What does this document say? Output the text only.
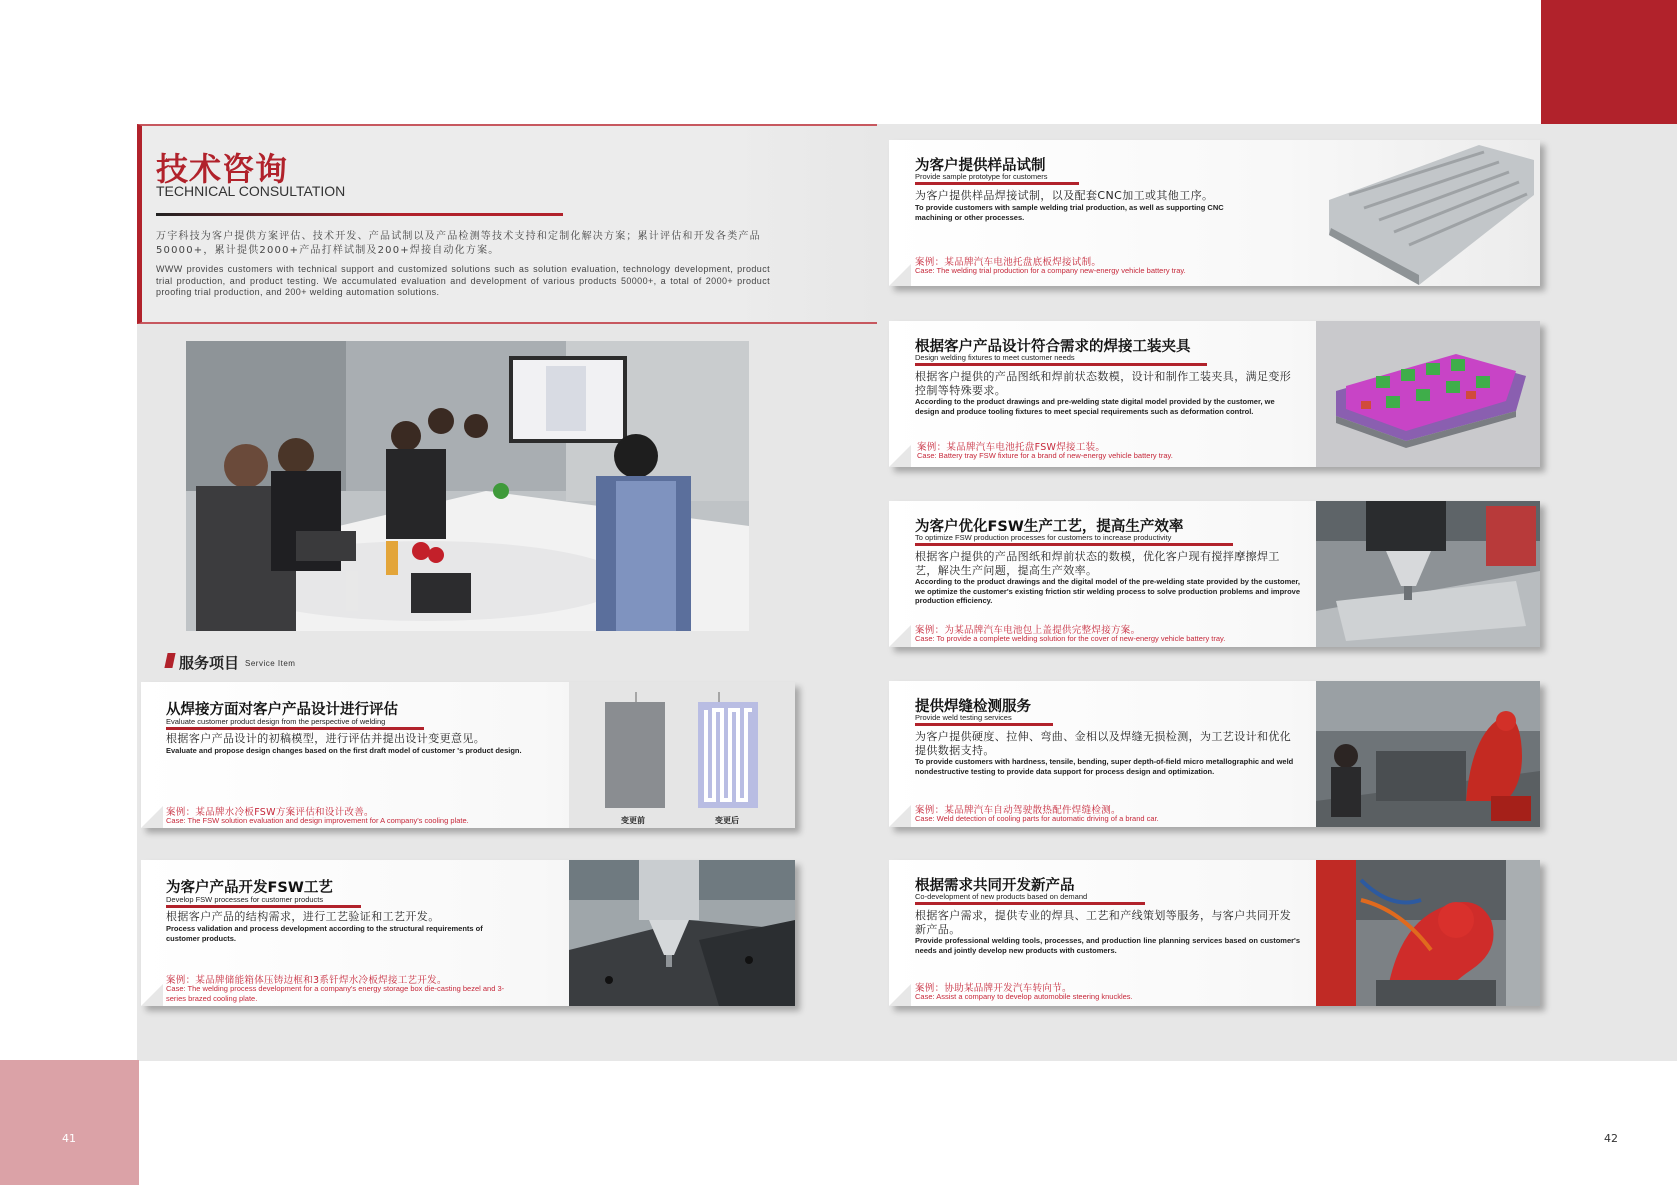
41	42
技术咨询
TECHNICAL CONSULTATION
万宇科技为客户提供方案评估、技术开发、产品试制以及产品检测等技术支持和定制化解决方案；累计评估和开发各类产品50000+，累计提供2000+产品打样试制及200+焊接自动化方案。
WWW provides customers with technical support and customized solutions such as solution evaluation, technology development, product trial production, and product testing. We accumulated evaluation and development of various products 50000+, a total of 2000+ product proofing trial production, and 200+ welding automation solutions.
服务项目 Service Item
从焊接方面对客户产品设计进行评估
Evaluate customer product design from the perspective of welding
根据客户产品设计的初稿模型，进行评估并提出设计变更意见。
Evaluate and propose design changes based on the first draft model of customer 's product design.
案例：某品牌水冷板FSW方案评估和设计改善。
Case: The FSW solution evaluation and design improvement for A company's cooling plate.	变更前	变更后
为客户产品开发FSW工艺
Develop FSW processes for customer products
根据客户产品的结构需求，进行工艺验证和工艺开发。
Process validation and process development according to the structural requirements of customer products.
案例：某品牌储能箱体压铸边框和3系钎焊水冷板焊接工艺开发。
Case: The welding process development for a company's energy storage box die-casting bezel and 3-series brazed cooling plate.
为客户提供样品试制
Provide sample prototype for customers
为客户提供样品焊接试制，以及配套CNC加工或其他工序。
To provide customers with sample welding trial production, as well as supporting CNC machining or other processes.
案例：某品牌汽车电池托盘底板焊接试制。
Case: The welding trial production for a company new-energy vehicle battery tray.
根据客户产品设计符合需求的焊接工装夹具
Design welding fixtures to meet customer needs
根据客户提供的产品图纸和焊前状态数模，设计和制作工装夹具，满足变形控制等特殊要求。
According to the product drawings and pre-welding state digital model provided by the customer, we design and produce tooling fixtures to meet special requirements such as deformation control.
案例：某品牌汽车电池托盘FSW焊接工装。
Case: Battery tray FSW fixture for a brand of new-energy vehicle battery tray.
为客户优化FSW生产工艺，提高生产效率
To optimize FSW production processes for customers to increase productivity
根据客户提供的产品图纸和焊前状态的数模，优化客户现有搅拌摩擦焊工艺，解决生产问题，提高生产效率。
According to the product drawings and the digital model of the pre-welding state provided by the customer, we optimize the customer's existing friction stir welding process to solve production problems and improve production efficiency.
案例：为某品牌汽车电池包上盖提供完整焊接方案。
Case: To provide a complete welding solution for the cover of new-energy vehicle battery tray.
提供焊缝检测服务
Provide weld testing services
为客户提供硬度、拉伸、弯曲、金相以及焊缝无损检测，为工艺设计和优化提供数据支持。
To provide customers with hardness, tensile, bending, super depth-of-field micro metallographic and weld nondestructive testing to provide data support for process design and optimization.
案例：某品牌汽车自动驾驶散热配件焊缝检测。
Case: Weld detection of cooling parts for automatic driving of a brand car.
根据需求共同开发新产品
Co-development of new products based on demand
根据客户需求，提供专业的焊具、工艺和产线策划等服务，与客户共同开发新产品。
Provide professional welding tools, processes, and production line planning services based on customer's needs and jointly develop new products with customers.
案例：协助某品牌开发汽车转向节。
Case: Assist a company to develop automobile steering knuckles.
